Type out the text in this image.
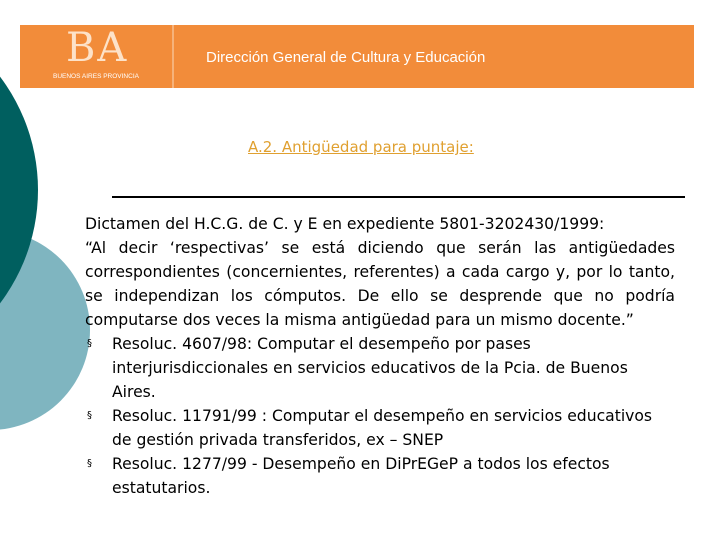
BA
BUENOS AIRES PROVINCIA
Dirección General de Cultura y Educación
A.2. Antigüedad para puntaje:
Dictamen del H.C.G. de C. y E en expediente 5801-3202430/1999:
“Al decir ‘respectivas’ se está diciendo que serán las antigüedades correspondientes (concernientes, referentes) a cada cargo y, por lo tanto, se independizan los cómputos. De ello se desprende que no podría computarse dos veces la misma antigüedad para un mismo docente.”
§ Resoluc. 4607/98: Computar el desempeño por pases interjurisdiccionales en servicios educativos de la Pcia. de Buenos Aires.
§ Resoluc. 11791/99 : Computar el desempeño en servicios educativos de gestión privada transferidos, ex – SNEP
§ Resoluc. 1277/99 - Desempeño en DiPrEGeP a todos los efectos estatutarios.
